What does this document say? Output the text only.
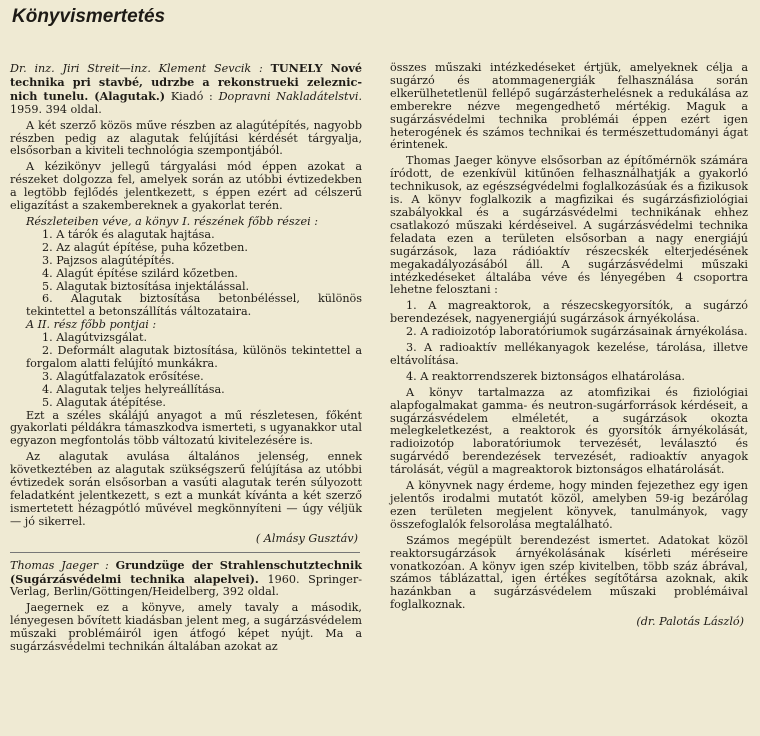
Könyvismertetés

Dr. inz. Jiri Streit—inz. Klement Sevcik : TUNELY Nové technika pri stavbé, udrzbe a rekonstrueki zeleznic-nich tunelu. (Alagutak.) Kiadó : Dopravni Nakladátelstvi. 1959. 394 oldal.

A két szerző közös műve részben az alagútépítés, nagyobb részben pedig az alagutak felújítási kérdését tárgyalja, elsősorban a kiviteli technológia szempontjából.

A kézikönyv jellegű tárgyalási mód éppen azokat a részeket dolgozza fel, amelyek során az utóbbi évtizedekben a legtöbb fejlődés jelentkezett, s éppen ezért ad célszerű eligazítást a szakembereknek a gyakorlat terén.

Részleteiben véve, a könyv I. részének főbb részei :

1. A tárók és alagutak hajtása.

2. Az alagút építése, puha kőzetben.

3. Pajzsos alagútépítés.

4. Alagút építése szilárd kőzetben.

5. Alagutak biztosítása injektálással.

6. Alagutak biztosítása betonbéléssel, különös tekintettel a betonszállítás változataira.

A II. rész főbb pontjai :

1. Alagútvizsgálat.

2. Deformált alagutak biztosítása, különös tekintettel a forgalom alatti felújító munkákra.

3. Alagútfalazatok erősítése.

4. Alagutak teljes helyreállítása.

5. Alagutak átépítése.

Ezt a széles skálájú anyagot a mű részletesen, főként gyakorlati példákra támaszkodva ismerteti, s ugyanakkor utal egyazon megfontolás több változatú kivitelezésére is.

Az alagutak avulása általános jelenség, ennek következtében az alagutak szükségszerű felújítása az utóbbi évtizedek során elsősorban a vasúti alagutak terén súlyozott feladatként jelentkezett, s ezt a munkát kívánta a két szerző ismertetett hézagpótló művével megkönnyíteni — úgy véljük — jó sikerrel.

( Almásy Gusztáv)

Thomas Jaeger : Grundzüge der Strahlenschutztechnik (Sugárzásvédelmi technika alapelvei). 1960. Springer-Verlag, Berlin/Göttingen/Heidelberg, 392 oldal.

Jaegernek ez a könyve, amely tavaly a második, lényegesen bővített kiadásban jelent meg, a sugárzásvédelem műszaki problémáiról igen átfogó képet nyújt. Ma a sugárzásvédelmi technikán általában azokat az

összes műszaki intézkedéseket értjük, amelyeknek célja a sugárzó és atommagenergiák felhasználása során elkerülhetetlenül fellépő sugárzásterhelésnek a redukálása az emberekre nézve megengedhető mértékig. Maguk a sugárzásvédelmi technika problémái éppen ezért igen heterogének és számos technikai és természettudományi ágat érintenek.

Thomas Jaeger könyve elsősorban az építőmérnök számára íródott, de ezenkívül kitűnően felhasználhatják a gyakorló technikusok, az egészségvédelmi foglalkozásúak és a fizikusok is. A könyv foglalkozik a magfizikai és sugárzásfiziológiai szabályokkal és a sugárzásvédelmi technikának ehhez csatlakozó műszaki kérdéseivel. A sugárzásvédelmi technika feladata ezen a területen elsősorban a nagy energiájú sugárzások, laza rádióaktív részecskék elterjedésének megakadályozásából áll. A sugárzásvédelmi műszaki intézkedéseket általába véve és lényegében 4 csoportra lehetne felosztani :

1. A magreaktorok, a részecskegyorsítók, a sugárzó berendezések, nagyenergiájú sugárzások árnyékolása.

2. A radioizotóp laboratóriumok sugárzásainak árnyékolása.

3. A radioaktív mellékanyagok kezelése, tárolása, illetve eltávolítása.

4. A reaktorrendszerek biztonságos elhatárolása.

A könyv tartalmazza az atomfizikai és fiziológiai alapfogalmakat gamma- és neutron-sugárforrások kérdéseit, a sugárzásvédelem elméletét, a sugárzások okozta melegkeletkezést, a reaktorok és gyorsítók árnyékolását, radioizotóp laboratóriumok tervezését, leválasztó és sugárvédő berendezések tervezését, radioaktív anyagok tárolását, végül a magreaktorok biztonságos elhatárolását.

A könyvnek nagy érdeme, hogy minden fejezethez egy igen jelentős irodalmi mutatót közöl, amelyben 59-ig bezárólag ezen területen megjelent könyvek, tanulmányok, vagy összefoglalók felsorolása megtalálható.

Számos megépült berendezést ismertet. Adatokat közöl reaktorsugárzások árnyékolásának kísérleti méréseire vonatkozóan. A könyv igen szép kivitelben, több száz ábrával, számos táblázattal, igen értékes segítőtársa azoknak, akik hazánkban a sugárzásvédelem műszaki problémáival foglalkoznak.

(dr. Palotás László)
